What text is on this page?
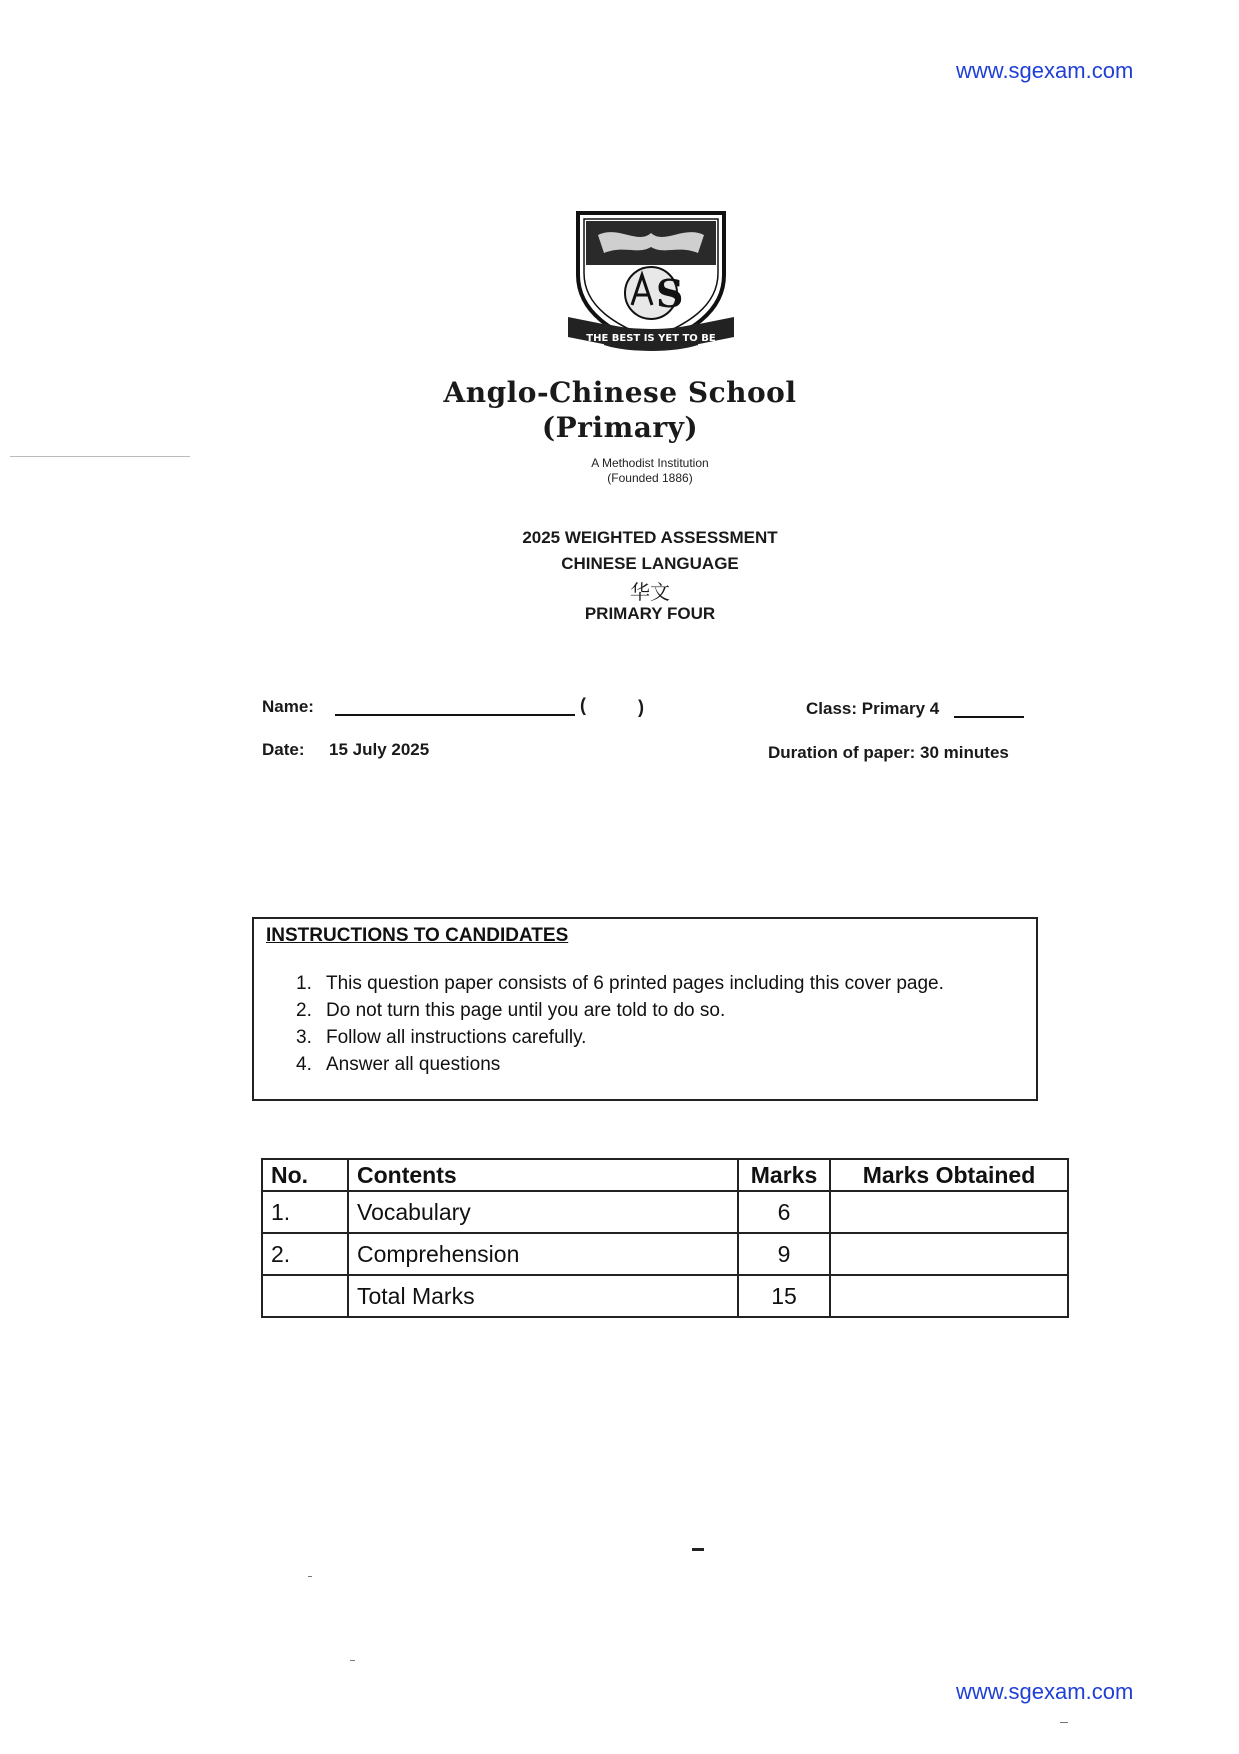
www.sgexam.com
S
THE BEST IS YET TO BE
Anglo-Chinese School
(Primary)
A Methodist Institution
(Founded 1886)
2025 WEIGHTED ASSESSMENT
CHINESE LANGUAGE
华文
PRIMARY FOUR
Name:	(	)	Class: Primary 4
Date: 15 July 2025	Duration of paper: 30 minutes
INSTRUCTIONS TO CANDIDATES
1. This question paper consists of 6 printed pages including this cover page.
2. Do not turn this page until you are told to do so.
3. Follow all instructions carefully.
4. Answer all questions
No.	Contents	Marks	Marks Obtained
1.	Vocabulary	6	
2.	Comprehension	9	
	Total Marks	15	
www.sgexam.com
